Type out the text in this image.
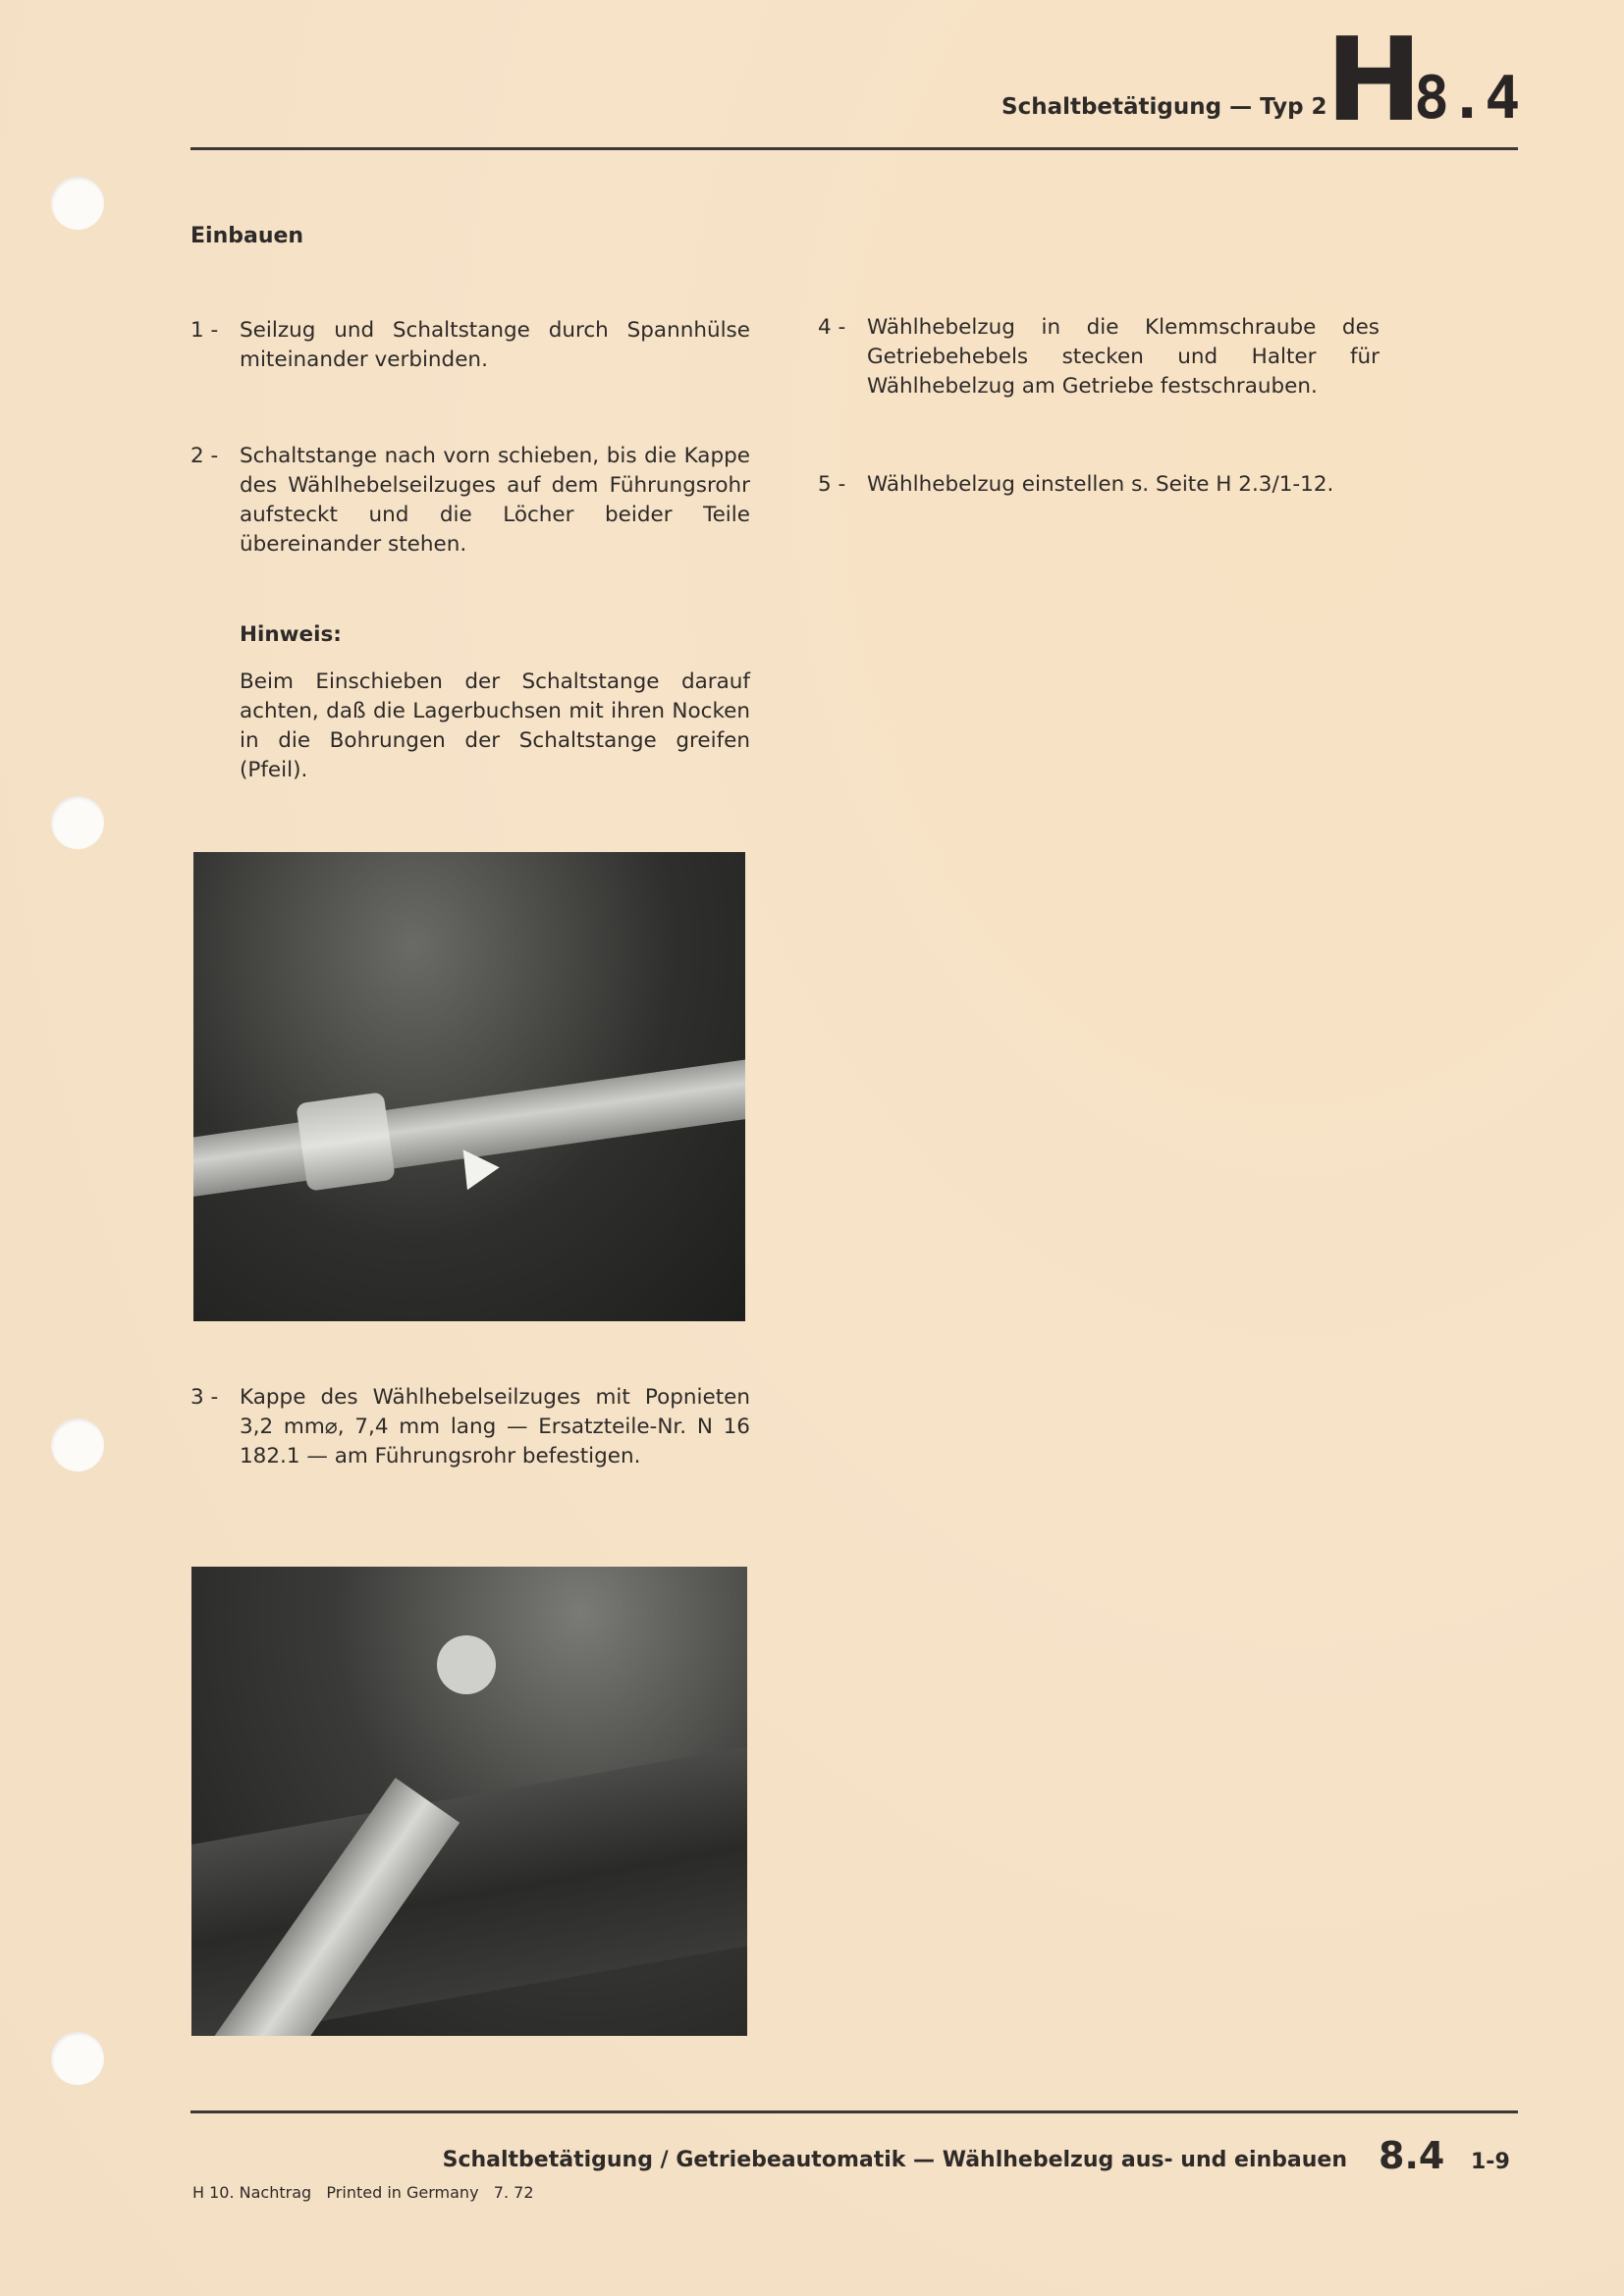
Schaltbetätigung — Typ 2
H
8.4
Einbauen
1 -	Seilzug und Schaltstange durch Spannhülse miteinander verbinden.
2 -	Schaltstange nach vorn schieben, bis die Kappe des Wählhebelseilzuges auf dem Führungsrohr aufsteckt und die Löcher beider Teile übereinander stehen.
Hinweis:
Beim Einschieben der Schaltstange darauf achten, daß die Lagerbuchsen mit ihren Nocken in die Bohrungen der Schaltstange greifen (Pfeil).
3 -	Kappe des Wählhebelseilzuges mit Popnieten 3,2 mm⌀, 7,4 mm lang — Ersatzteile-Nr. N 16 182.1 — am Führungsrohr befestigen.
4 -	Wählhebelzug in die Klemmschraube des Getriebehebels stecken und Halter für Wählhebelzug am Getriebe festschrauben.
5 -	Wählhebelzug einstellen s. Seite H 2.3/1-12.
Schaltbetätigung / Getriebeautomatik — Wählhebelzug aus- und einbauen 8.4 1-9
H 10. Nachtrag   Printed in Germany   7. 72
